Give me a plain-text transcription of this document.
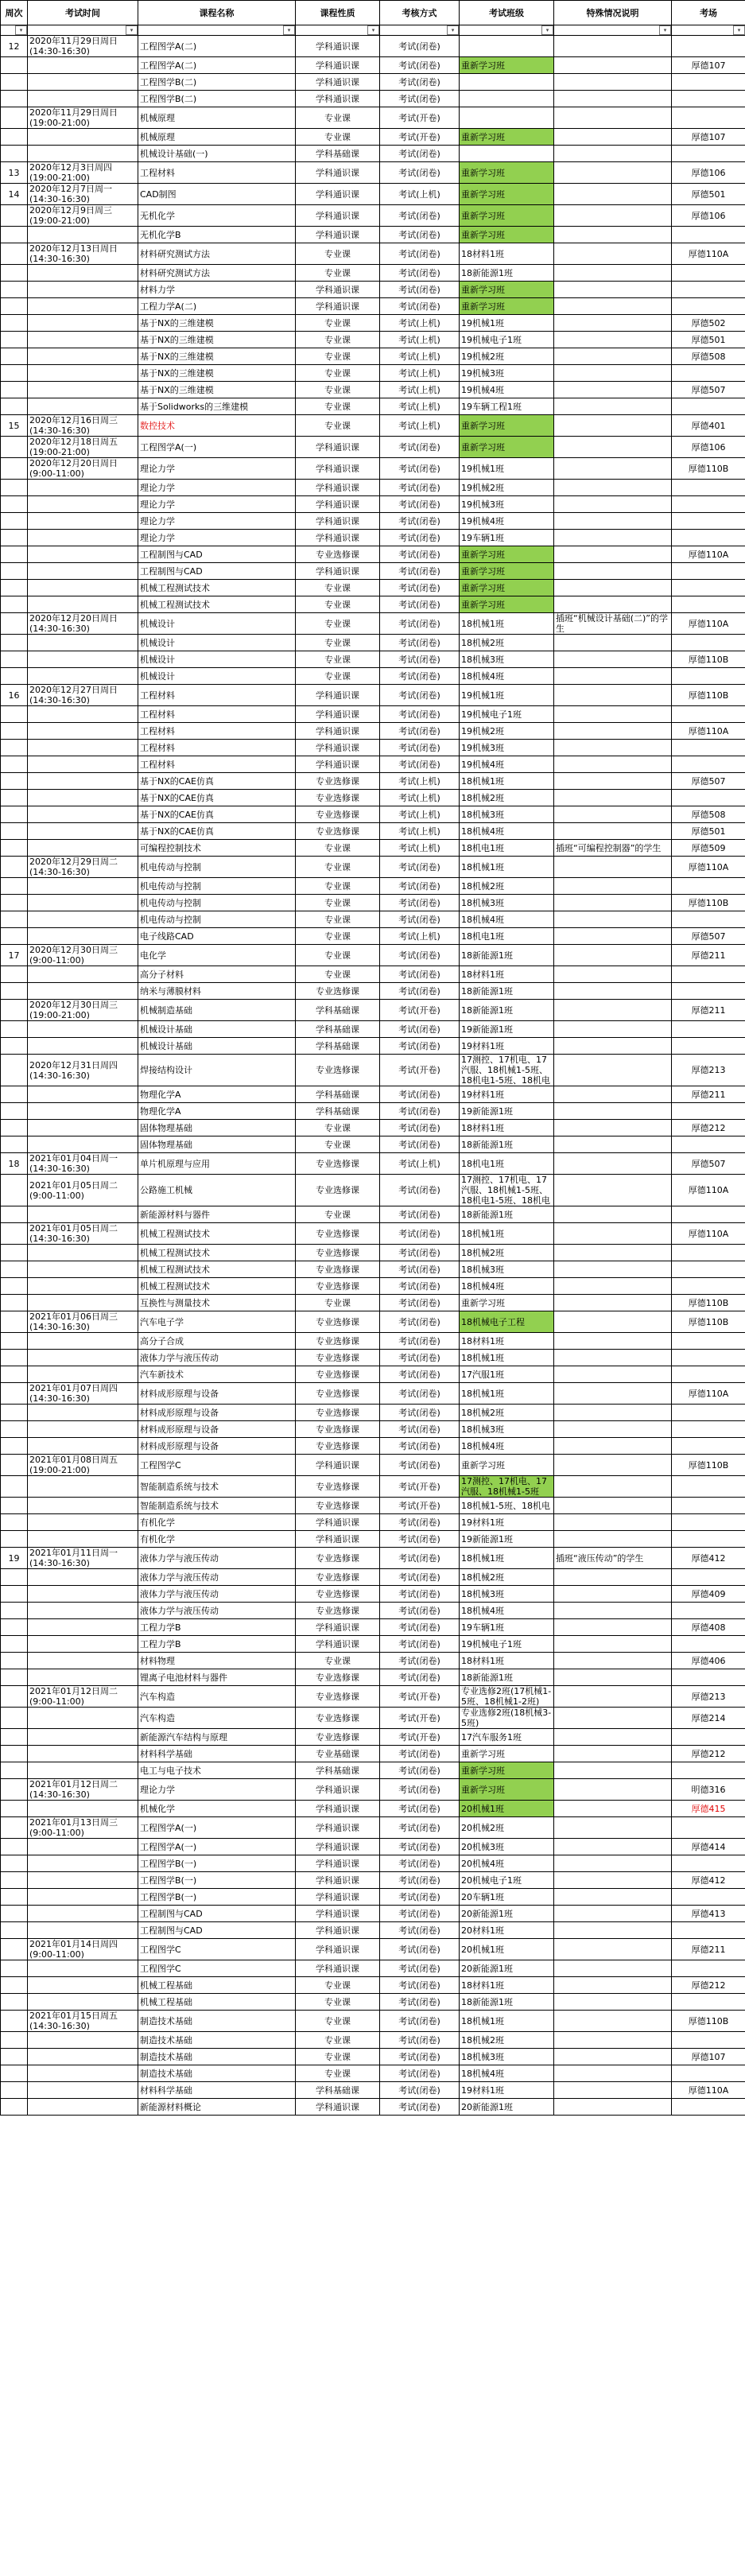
周次	考试时间	课程名称	课程性质	考核方式	考试班级	特殊情况说明	考场

▾	▾	▾	▾	▾	▾	▾	▾

12	2020年11月29日周日(14:30-16:30)	工程图学A(二)	学科通识课	考试(闭卷)			
		工程图学A(二)	学科通识课	考试(闭卷)	重新学习班		厚德107
		工程图学B(二)	学科通识课	考试(闭卷)			
		工程图学B(二)	学科通识课	考试(闭卷)			
	2020年11月29日周日(19:00-21:00)	机械原理	专业课	考试(开卷)			
		机械原理	专业课	考试(开卷)	重新学习班		厚德107
		机械设计基础(一)	学科基础课	考试(闭卷)			
13	2020年12月3日周四(19:00-21:00)	工程材料	学科通识课	考试(闭卷)	重新学习班		厚德106
14	2020年12月7日周一(14:30-16:30)	CAD制图	学科通识课	考试(上机)	重新学习班		厚德501
	2020年12月9日周三(19:00-21:00)	无机化学	学科通识课	考试(闭卷)	重新学习班		厚德106
		无机化学B	学科通识课	考试(闭卷)	重新学习班		
	2020年12月13日周日(14:30-16:30)	材料研究测试方法	专业课	考试(闭卷)	18材料1班		厚德110A
		材料研究测试方法	专业课	考试(闭卷)	18新能源1班		
		材料力学	学科通识课	考试(闭卷)	重新学习班		
		工程力学A(二)	学科通识课	考试(闭卷)	重新学习班		
		基于NX的三维建模	专业课	考试(上机)	19机械1班		厚德502
		基于NX的三维建模	专业课	考试(上机)	19机械电子1班		厚德501
		基于NX的三维建模	专业课	考试(上机)	19机械2班		厚德508
		基于NX的三维建模	专业课	考试(上机)	19机械3班		
		基于NX的三维建模	专业课	考试(上机)	19机械4班		厚德507
		基于Solidworks的三维建模	专业课	考试(上机)	19车辆工程1班		
15	2020年12月16日周三(14:30-16:30)	数控技术	专业课	考试(上机)	重新学习班		厚德401
	2020年12月18日周五(19:00-21:00)	工程图学A(一)	学科通识课	考试(闭卷)	重新学习班		厚德106
	2020年12月20日周日(9:00-11:00)	理论力学	学科通识课	考试(闭卷)	19机械1班		厚德110B
		理论力学	学科通识课	考试(闭卷)	19机械2班		
		理论力学	学科通识课	考试(闭卷)	19机械3班		
		理论力学	学科通识课	考试(闭卷)	19机械4班		
		理论力学	学科通识课	考试(闭卷)	19车辆1班		
		工程制图与CAD	专业选修课	考试(闭卷)	重新学习班		厚德110A
		工程制图与CAD	学科通识课	考试(闭卷)	重新学习班		
		机械工程测试技术	专业课	考试(闭卷)	重新学习班		
		机械工程测试技术	专业课	考试(闭卷)	重新学习班		
	2020年12月20日周日(14:30-16:30)	机械设计	专业课	考试(闭卷)	18机械1班	插班“机械设计基础(二)”的学生	厚德110A
		机械设计	专业课	考试(闭卷)	18机械2班		
		机械设计	专业课	考试(闭卷)	18机械3班		厚德110B
		机械设计	专业课	考试(闭卷)	18机械4班		
16	2020年12月27日周日(14:30-16:30)	工程材料	学科通识课	考试(闭卷)	19机械1班		厚德110B
		工程材料	学科通识课	考试(闭卷)	19机械电子1班		
		工程材料	学科通识课	考试(闭卷)	19机械2班		厚德110A
		工程材料	学科通识课	考试(闭卷)	19机械3班		
		工程材料	学科通识课	考试(闭卷)	19机械4班		
		基于NX的CAE仿真	专业选修课	考试(上机)	18机械1班		厚德507
		基于NX的CAE仿真	专业选修课	考试(上机)	18机械2班		
		基于NX的CAE仿真	专业选修课	考试(上机)	18机械3班		厚德508
		基于NX的CAE仿真	专业选修课	考试(上机)	18机械4班		厚德501
		可编程控制技术	专业课	考试(上机)	18机电1班	插班“可编程控制器”的学生	厚德509
	2020年12月29日周二(14:30-16:30)	机电传动与控制	专业课	考试(闭卷)	18机械1班		厚德110A
		机电传动与控制	专业课	考试(闭卷)	18机械2班		
		机电传动与控制	专业课	考试(闭卷)	18机械3班		厚德110B
		机电传动与控制	专业课	考试(闭卷)	18机械4班		
		电子线路CAD	专业课	考试(上机)	18机电1班		厚德507
17	2020年12月30日周三(9:00-11:00)	电化学	专业课	考试(闭卷)	18新能源1班		厚德211
		高分子材料	专业课	考试(闭卷)	18材料1班		
		纳米与薄膜材料	专业选修课	考试(闭卷)	18新能源1班		
	2020年12月30日周三(19:00-21:00)	机械制造基础	学科基础课	考试(开卷)	18新能源1班		厚德211
		机械设计基础	学科基础课	考试(闭卷)	19新能源1班		
		机械设计基础	学科基础课	考试(闭卷)	19材料1班		
	2020年12月31日周四(14:30-16:30)	焊接结构设计	专业选修课	考试(开卷)	17测控、17机电、17汽服、18机械1-5班、18机电1-5班、18机电		厚德213
		物理化学A	学科基础课	考试(闭卷)	19材料1班		厚德211
		物理化学A	学科基础课	考试(闭卷)	19新能源1班		
		固体物理基础	专业课	考试(闭卷)	18材料1班		厚德212
		固体物理基础	专业课	考试(闭卷)	18新能源1班		
18	2021年01月04日周一(14:30-16:30)	单片机原理与应用	专业选修课	考试(上机)	18机电1班		厚德507
	2021年01月05日周二(9:00-11:00)	公路施工机械	专业选修课	考试(闭卷)	17测控、17机电、17汽服、18机械1-5班、18机电1-5班、18机电		厚德110A
		新能源材料与器件	专业课	考试(闭卷)	18新能源1班		
	2021年01月05日周二(14:30-16:30)	机械工程测试技术	专业选修课	考试(闭卷)	18机械1班		厚德110A
		机械工程测试技术	专业选修课	考试(闭卷)	18机械2班		
		机械工程测试技术	专业选修课	考试(闭卷)	18机械3班		
		机械工程测试技术	专业选修课	考试(闭卷)	18机械4班		
		互换性与测量技术	专业课	考试(闭卷)	重新学习班		厚德110B
	2021年01月06日周三(14:30-16:30)	汽车电子学	专业选修课	考试(闭卷)	18机械电子工程		厚德110B
		高分子合成	专业选修课	考试(闭卷)	18材料1班		
		液体力学与液压传动	专业选修课	考试(闭卷)	18机械1班		
		汽车新技术	专业选修课	考试(闭卷)	17汽服1班		
	2021年01月07日周四(14:30-16:30)	材料成形原理与设备	专业选修课	考试(闭卷)	18机械1班		厚德110A
		材料成形原理与设备	专业选修课	考试(闭卷)	18机械2班		
		材料成形原理与设备	专业选修课	考试(闭卷)	18机械3班		
		材料成形原理与设备	专业选修课	考试(闭卷)	18机械4班		
	2021年01月08日周五(19:00-21:00)	工程图学C	学科通识课	考试(闭卷)	重新学习班		厚德110B
		智能制造系统与技术	专业选修课	考试(开卷)	17测控、17机电、17汽服、18机械1-5班		
		智能制造系统与技术	专业选修课	考试(开卷)	18机械1-5班、18机电		
		有机化学	学科通识课	考试(闭卷)	19材料1班		
		有机化学	学科通识课	考试(闭卷)	19新能源1班		
19	2021年01月11日周一(14:30-16:30)	液体力学与液压传动	专业选修课	考试(闭卷)	18机械1班	插班“液压传动”的学生	厚德412
		液体力学与液压传动	专业选修课	考试(闭卷)	18机械2班		
		液体力学与液压传动	专业选修课	考试(闭卷)	18机械3班		厚德409
		液体力学与液压传动	专业选修课	考试(闭卷)	18机械4班		
		工程力学B	学科通识课	考试(闭卷)	19车辆1班		厚德408
		工程力学B	学科通识课	考试(闭卷)	19机械电子1班		
		材料物理	专业课	考试(闭卷)	18材料1班		厚德406
		锂离子电池材料与器件	专业选修课	考试(闭卷)	18新能源1班		
	2021年01月12日周二(9:00-11:00)	汽车构造	专业选修课	考试(开卷)	专业选修2班(17机械1-5班、18机械1-2班)		厚德213
		汽车构造	专业选修课	考试(开卷)	专业选修2班(18机械3-5班)		厚德214
		新能源汽车结构与原理	专业选修课	考试(开卷)	17汽车服务1班		
		材料科学基础	专业基础课	考试(闭卷)	重新学习班		厚德212
		电工与电子技术	学科基础课	考试(闭卷)	重新学习班		
	2021年01月12日周二(14:30-16:30)	理论力学	学科通识课	考试(闭卷)	重新学习班		明德316
		机械化学	学科通识课	考试(闭卷)	20机械1班		厚德415
	2021年01月13日周三(9:00-11:00)	工程图学A(一)	学科通识课	考试(闭卷)	20机械2班		
		工程图学A(一)	学科通识课	考试(闭卷)	20机械3班		厚德414
		工程图学B(一)	学科通识课	考试(闭卷)	20机械4班		
		工程图学B(一)	学科通识课	考试(闭卷)	20机械电子1班		厚德412
		工程图学B(一)	学科通识课	考试(闭卷)	20车辆1班		
		工程制图与CAD	学科通识课	考试(闭卷)	20新能源1班		厚德413
		工程制图与CAD	学科通识课	考试(闭卷)	20材料1班		
	2021年01月14日周四(9:00-11:00)	工程图学C	学科通识课	考试(闭卷)	20机械1班		厚德211
		工程图学C	学科通识课	考试(闭卷)	20新能源1班		
		机械工程基础	专业课	考试(闭卷)	18材料1班		厚德212
		机械工程基础	专业课	考试(闭卷)	18新能源1班		
	2021年01月15日周五(14:30-16:30)	制造技术基础	专业课	考试(闭卷)	18机械1班		厚德110B
		制造技术基础	专业课	考试(闭卷)	18机械2班		
		制造技术基础	专业课	考试(闭卷)	18机械3班		厚德107
		制造技术基础	专业课	考试(闭卷)	18机械4班		
		材料科学基础	学科基础课	考试(闭卷)	19材料1班		厚德110A
		新能源材料概论	学科通识课	考试(闭卷)	20新能源1班		
